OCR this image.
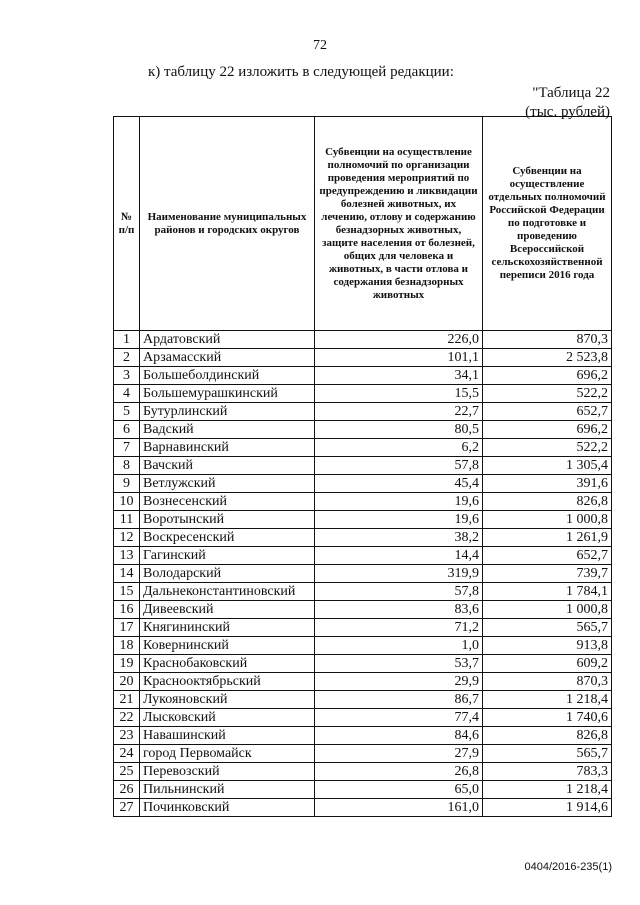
72
к) таблицу 22 изложить в следующей редакции:
"Таблица 22
(тыс. рублей)
№ п/п	Наименование муниципальных районов и городских округов	Субвенции на осуществление полномочий по организации проведения мероприятий по предупреждению и ликвидации болезней животных, их лечению, отлову и содержанию безнадзорных животных, защите населения от болезней, общих для человека и животных, в части отлова и содержания безнадзорных животных	Субвенции на осуществление отдельных полномочий Российской Федерации по подготовке и проведению Всероссийской сельскохозяйственной переписи 2016 года
1	Ардатовский	226,0	870,3
2	Арзамасский	101,1	2 523,8
3	Большеболдинский	34,1	696,2
4	Большемурашкинский	15,5	522,2
5	Бутурлинский	22,7	652,7
6	Вадский	80,5	696,2
7	Варнавинский	6,2	522,2
8	Вачский	57,8	1 305,4
9	Ветлужский	45,4	391,6
10	Вознесенский	19,6	826,8
11	Воротынский	19,6	1 000,8
12	Воскресенский	38,2	1 261,9
13	Гагинский	14,4	652,7
14	Володарский	319,9	739,7
15	Дальнеконстантиновский	57,8	1 784,1
16	Дивеевский	83,6	1 000,8
17	Княгининский	71,2	565,7
18	Ковернинский	1,0	913,8
19	Краснобаковский	53,7	609,2
20	Краснооктябрьский	29,9	870,3
21	Лукояновский	86,7	1 218,4
22	Лысковский	77,4	1 740,6
23	Навашинский	84,6	826,8
24	город Первомайск	27,9	565,7
25	Перевозский	26,8	783,3
26	Пильнинский	65,0	1 218,4
27	Починковский	161,0	1 914,6
0404/2016-235(1)
